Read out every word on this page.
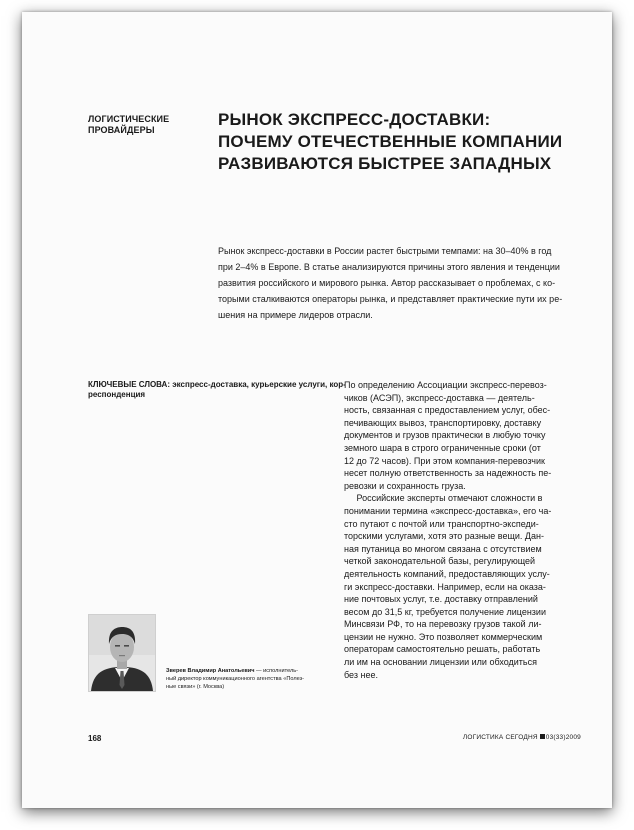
ЛОГИСТИЧЕСКИЕ
ПРОВАЙДЕРЫ
РЫНОК ЭКСПРЕСС-ДОСТАВКИ:
ПОЧЕМУ ОТЕЧЕСТВЕННЫЕ КОМПАНИИ
РАЗВИВАЮТСЯ БЫСТРЕЕ ЗАПАДНЫХ
Рынок экспресс-доставки в России растет быстрыми темпами: на 30–40% в год
при 2–4% в Европе. В статье анализируются причины этого явления и тенденции
развития российского и мирового рынка. Автор рассказывает о проблемах, с ко-
торыми сталкиваются операторы рынка, и представляет практические пути их ре-
шения на примере лидеров отрасли.
КЛЮЧЕВЫЕ СЛОВА: экспресс-доставка, курьерские услуги, кор-
респонденция
По определению Ассоциации экспресс-перевоз-
чиков (АСЭП), экспресс-доставка — деятель-
ность, связанная с предоставлением услуг, обес-
печивающих вывоз, транспортировку, доставку
документов и грузов практически в любую точку
земного шара в строго ограниченные сроки (от
12 до 72 часов). При этом компания-перевозчик
несет полную ответственность за надежность пе-
ревозки и сохранность груза.
Российские эксперты отмечают сложности в
понимании термина «экспресс-доставка», его ча-
сто путают с почтой или транспортно-экспеди-
торскими услугами, хотя это разные вещи. Дан-
ная путаница во многом связана с отсутствием
четкой законодательной базы, регулирующей
деятельность компаний, предоставляющих услу-
ги экспресс-доставки. Например, если на оказа-
ние почтовых услуг, т.е. доставку отправлений
весом до 31,5 кг, требуется получение лицензии
Минсвязи РФ, то на перевозку грузов такой ли-
цензии не нужно. Это позволяет коммерческим
операторам самостоятельно решать, работать
ли им на основании лицензии или обходиться
без нее.
Зверев Владимир Анатольевич — исполнитель-
ный директор коммуникационного агентства «Полез-
ные связи» (г. Москва)
168	ЛОГИСТИКА СЕГОДНЯ 03(33)2009
